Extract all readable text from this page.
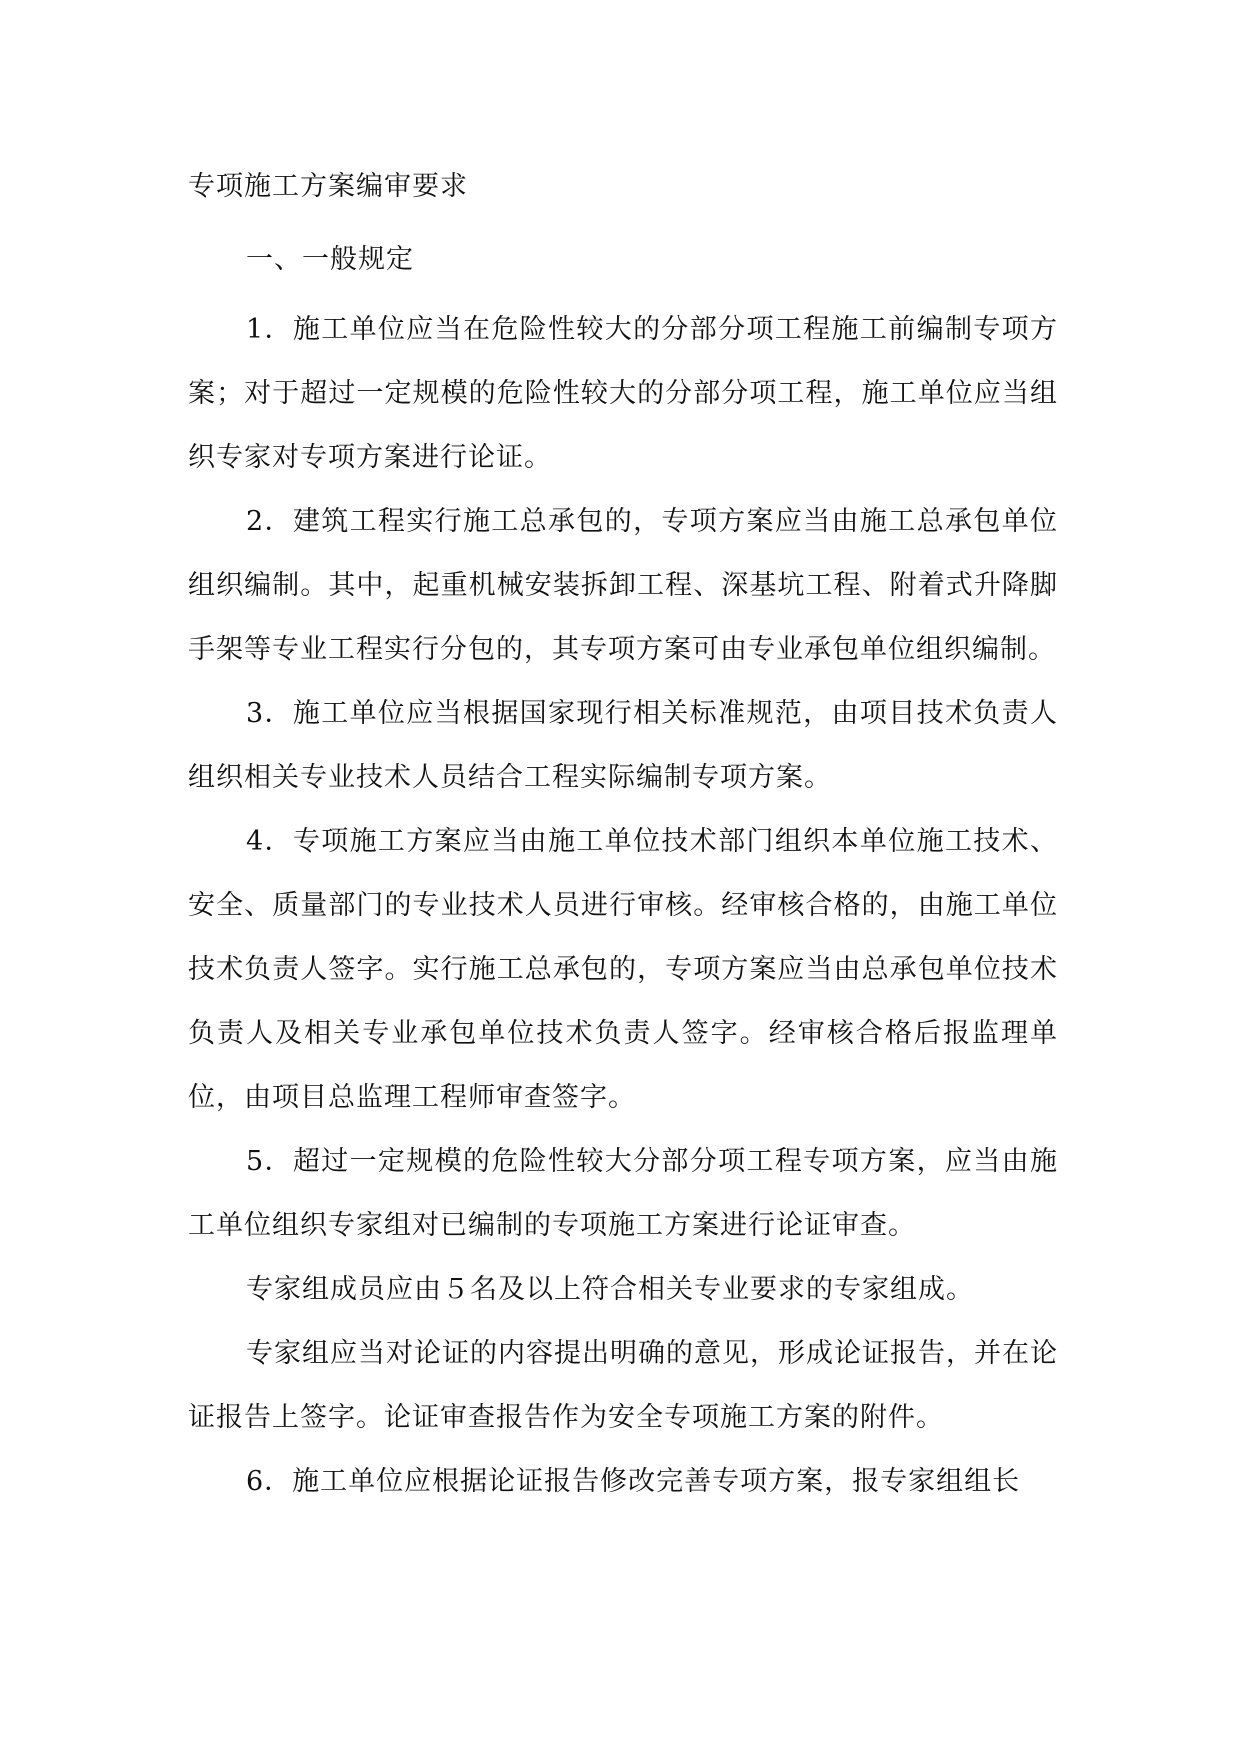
专项施工方案编审要求
一、一般规定

1．施工单位应当在危险性较大的分部分项工程施工前编制专项方案；对于超过一定规模的危险性较大的分部分项工程，施工单位应当组织专家对专项方案进行论证。

2．建筑工程实行施工总承包的，专项方案应当由施工总承包单位组织编制。其中，起重机械安装拆卸工程、深基坑工程、附着式升降脚手架等专业工程实行分包的，其专项方案可由专业承包单位组织编制。

3．施工单位应当根据国家现行相关标准规范，由项目技术负责人组织相关专业技术人员结合工程实际编制专项方案。

4．专项施工方案应当由施工单位技术部门组织本单位施工技术、安全、质量部门的专业技术人员进行审核。经审核合格的，由施工单位技术负责人签字。实行施工总承包的，专项方案应当由总承包单位技术负责人及相关专业承包单位技术负责人签字。经审核合格后报监理单位，由项目总监理工程师审查签字。

5．超过一定规模的危险性较大分部分项工程专项方案，应当由施工单位组织专家组对已编制的专项施工方案进行论证审查。

专家组成员应由５名及以上符合相关专业要求的专家组成。

专家组应当对论证的内容提出明确的意见，形成论证报告，并在论证报告上签字。论证审查报告作为安全专项施工方案的附件。

6．施工单位应根据论证报告修改完善专项方案，报专家组组长
